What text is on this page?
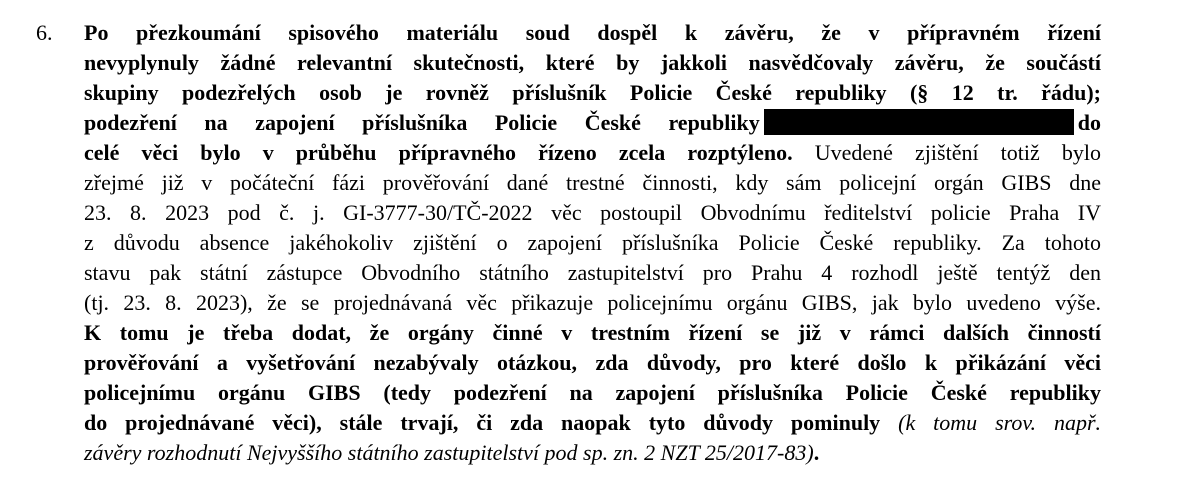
6. Po přezkoumání spisového materiálu soud dospěl k závěru, že v přípravném řízení
nevyplynuly žádné relevantní skutečnosti, které by jakkoli nasvědčovaly závěru, že součástí
skupiny podezřelých osob je rovněž příslušník Policie České republiky (§ 12 tr. řádu);
podezření na zapojení příslušníka Policie České republiky	do
celé věci bylo v průběhu přípravného řízeno zcela rozptýleno. Uvedené zjištění totiž bylo
zřejmé již v počáteční fázi prověřování dané trestné činnosti, kdy sám policejní orgán GIBS dne
23. 8. 2023 pod č. j. GI-3777-30/TČ-2022 věc postoupil Obvodnímu ředitelství policie Praha IV
z důvodu absence jakéhokoliv zjištění o zapojení příslušníka Policie České republiky. Za tohoto
stavu pak státní zástupce Obvodního státního zastupitelství pro Prahu 4 rozhodl ještě tentýž den
(tj. 23. 8. 2023), že se projednávaná věc přikazuje policejnímu orgánu GIBS, jak bylo uvedeno výše.
K tomu je třeba dodat, že orgány činné v trestním řízení se již v rámci dalších činností
prověřování a vyšetřování nezabývaly otázkou, zda důvody, pro které došlo k přikázání věci
policejnímu orgánu GIBS (tedy podezření na zapojení příslušníka Policie České republiky
do projednávané věci), stále trvají, či zda naopak tyto důvody pominuly (k tomu srov. např.
závěry rozhodnutí Nejvyššího státního zastupitelství pod sp. zn. 2 NZT 25/2017-83).
